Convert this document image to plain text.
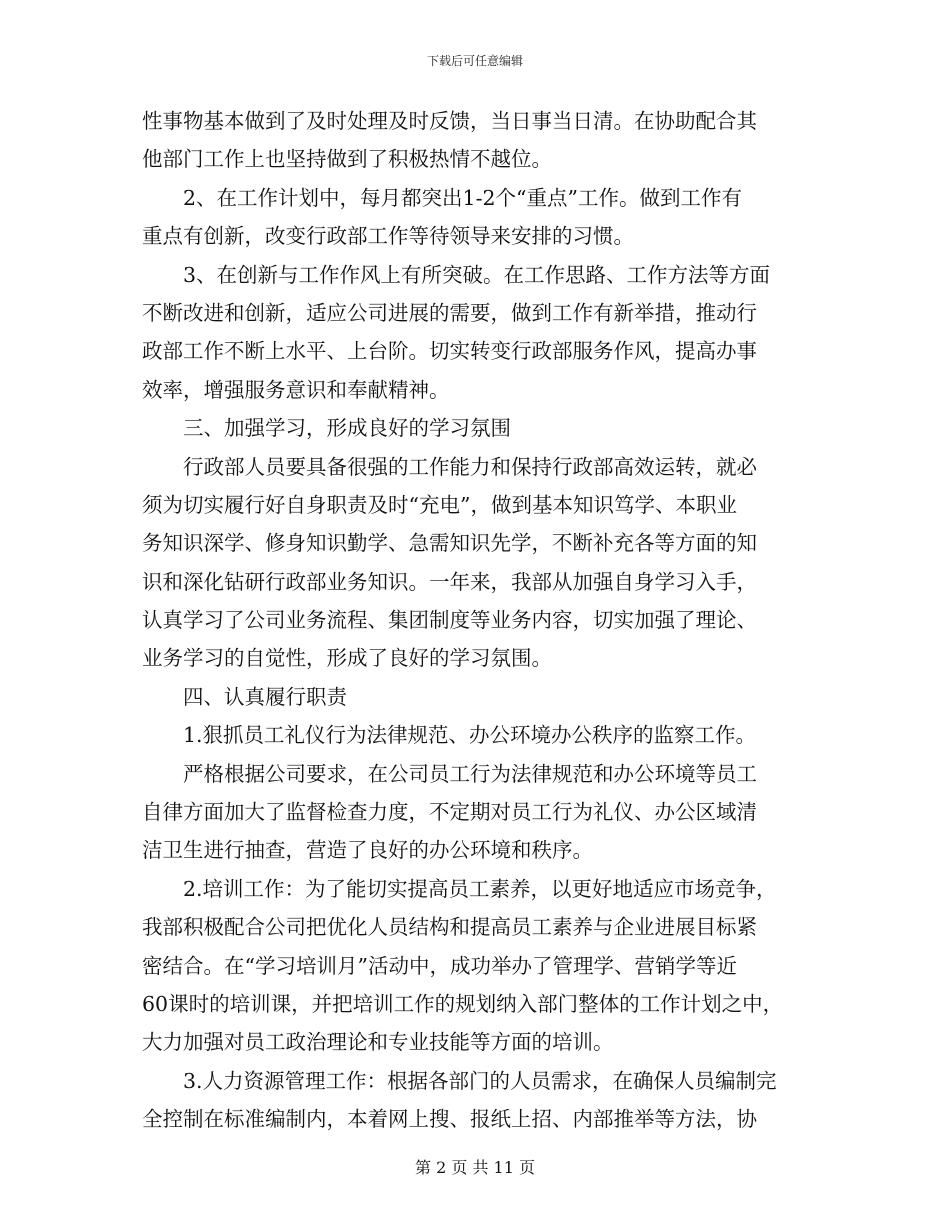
下载后可任意编辑
性事物基本做到了及时处理及时反馈，当日事当日清。在协助配合其
他部门工作上也坚持做到了积极热情不越位。
2、在工作计划中，每月都突出1-2个“重点”工作。做到工作有
重点有创新，改变行政部工作等待领导来安排的习惯。
3、在创新与工作作风上有所突破。在工作思路、工作方法等方面
不断改进和创新，适应公司进展的需要，做到工作有新举措，推动行
政部工作不断上水平、上台阶。切实转变行政部服务作风，提高办事
效率，增强服务意识和奉献精神。
三、加强学习，形成良好的学习氛围
行政部人员要具备很强的工作能力和保持行政部高效运转，就必
须为切实履行好自身职责及时“充电”，做到基本知识笃学、本职业
务知识深学、修身知识勤学、急需知识先学，不断补充各等方面的知
识和深化钻研行政部业务知识。一年来，我部从加强自身学习入手，
认真学习了公司业务流程、集团制度等业务内容，切实加强了理论、
业务学习的自觉性，形成了良好的学习氛围。
四、认真履行职责
1.狠抓员工礼仪行为法律规范、办公环境办公秩序的监察工作。
严格根据公司要求，在公司员工行为法律规范和办公环境等员工
自律方面加大了监督检查力度，不定期对员工行为礼仪、办公区域清
洁卫生进行抽查，营造了良好的办公环境和秩序。
2.培训工作：为了能切实提高员工素养，以更好地适应市场竞争，
我部积极配合公司把优化人员结构和提高员工素养与企业进展目标紧
密结合。在“学习培训月”活动中，成功举办了管理学、营销学等近
60课时的培训课，并把培训工作的规划纳入部门整体的工作计划之中，
大力加强对员工政治理论和专业技能等方面的培训。
3.人力资源管理工作：根据各部门的人员需求，在确保人员编制完
全控制在标准编制内，本着网上搜、报纸上招、内部推举等方法，协
第 2 页 共 11 页
